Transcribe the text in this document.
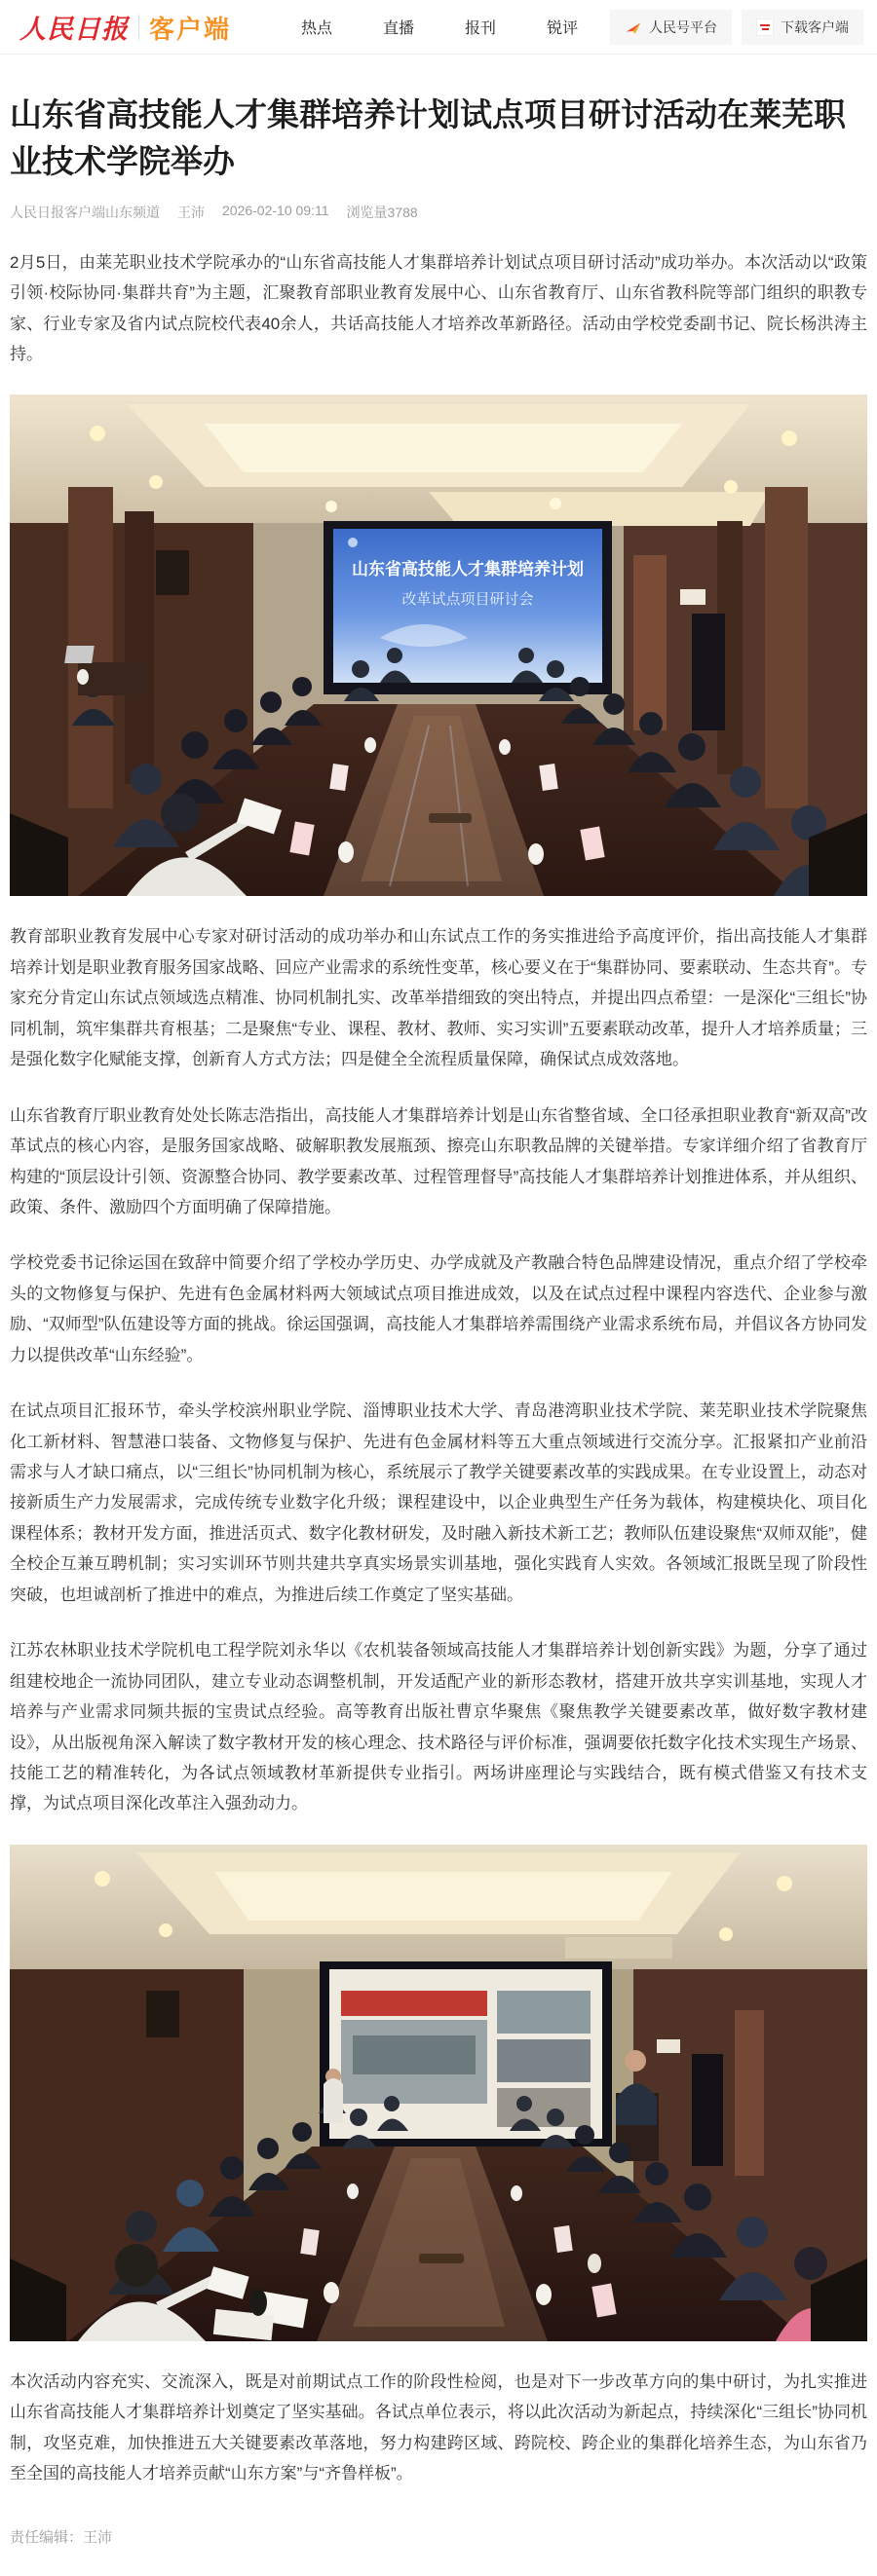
人民日报 客户端	热点	直播	报刊	锐评	人民号平台	下载客户端
山东省高技能人才集群培养计划试点项目研讨活动在莱芜职业技术学院举办
人民日报客户端山东频道 王沛 2026-02-10 09:11 浏览量3788

2月5日，由莱芜职业技术学院承办的“山东省高技能人才集群培养计划试点项目研讨活动”成功举办。本次活动以“政策引领·校际协同·集群共育”为主题，汇聚教育部职业教育发展中心、山东省教育厅、山东省教科院等部门组织的职教专家、行业专家及省内试点院校代表40余人，共话高技能人才培养改革新路径。活动由学校党委副书记、院长杨洪涛主持。

山东省高技能人才集群培养计划
改革试点项目研讨会

教育部职业教育发展中心专家对研讨活动的成功举办和山东试点工作的务实推进给予高度评价，指出高技能人才集群培养计划是职业教育服务国家战略、回应产业需求的系统性变革，核心要义在于“集群协同、要素联动、生态共育”。专家充分肯定山东试点领域选点精准、协同机制扎实、改革举措细致的突出特点，并提出四点希望：一是深化“三组长”协同机制，筑牢集群共育根基；二是聚焦“专业、课程、教材、教师、实习实训”五要素联动改革，提升人才培养质量；三是强化数字化赋能支撑，创新育人方式方法；四是健全全流程质量保障，确保试点成效落地。

山东省教育厅职业教育处处长陈志浩指出，高技能人才集群培养计划是山东省整省域、全口径承担职业教育“新双高”改革试点的核心内容，是服务国家战略、破解职教发展瓶颈、擦亮山东职教品牌的关键举措。专家详细介绍了省教育厅构建的“顶层设计引领、资源整合协同、教学要素改革、过程管理督导”高技能人才集群培养计划推进体系，并从组织、政策、条件、激励四个方面明确了保障措施。

学校党委书记徐运国在致辞中简要介绍了学校办学历史、办学成就及产教融合特色品牌建设情况，重点介绍了学校牵头的文物修复与保护、先进有色金属材料两大领域试点项目推进成效，以及在试点过程中课程内容迭代、企业参与激励、“双师型”队伍建设等方面的挑战。徐运国强调，高技能人才集群培养需围绕产业需求系统布局，并倡议各方协同发力以提供改革“山东经验”。

在试点项目汇报环节，牵头学校滨州职业学院、淄博职业技术大学、青岛港湾职业技术学院、莱芜职业技术学院聚焦化工新材料、智慧港口装备、文物修复与保护、先进有色金属材料等五大重点领域进行交流分享。汇报紧扣产业前沿需求与人才缺口痛点，以“三组长”协同机制为核心，系统展示了教学关键要素改革的实践成果。在专业设置上，动态对接新质生产力发展需求，完成传统专业数字化升级；课程建设中，以企业典型生产任务为载体，构建模块化、项目化课程体系；教材开发方面，推进活页式、数字化教材研发，及时融入新技术新工艺；教师队伍建设聚焦“双师双能”，健全校企互兼互聘机制；实习实训环节则共建共享真实场景实训基地，强化实践育人实效。各领域汇报既呈现了阶段性突破，也坦诚剖析了推进中的难点，为推进后续工作奠定了坚实基础。

江苏农林职业技术学院机电工程学院刘永华以《农机装备领域高技能人才集群培养计划创新实践》为题，分享了通过组建校地企一流协同团队，建立专业动态调整机制，开发适配产业的新形态教材，搭建开放共享实训基地，实现人才培养与产业需求同频共振的宝贵试点经验。高等教育出版社曹京华聚焦《聚焦教学关键要素改革，做好数字教材建设》，从出版视角深入解读了数字教材开发的核心理念、技术路径与评价标准，强调要依托数字化技术实现生产场景、技能工艺的精准转化，为各试点领域教材革新提供专业指引。两场讲座理论与实践结合，既有模式借鉴又有技术支撑，为试点项目深化改革注入强劲动力。

本次活动内容充实、交流深入，既是对前期试点工作的阶段性检阅，也是对下一步改革方向的集中研讨，为扎实推进山东省高技能人才集群培养计划奠定了坚实基础。各试点单位表示，将以此次活动为新起点，持续深化“三组长”协同机制，攻坚克难，加快推进五大关键要素改革落地，努力构建跨区域、跨院校、跨企业的集群化培养生态，为山东省乃至全国的高技能人才培养贡献“山东方案”与“齐鲁样板”。

责任编辑：王沛
